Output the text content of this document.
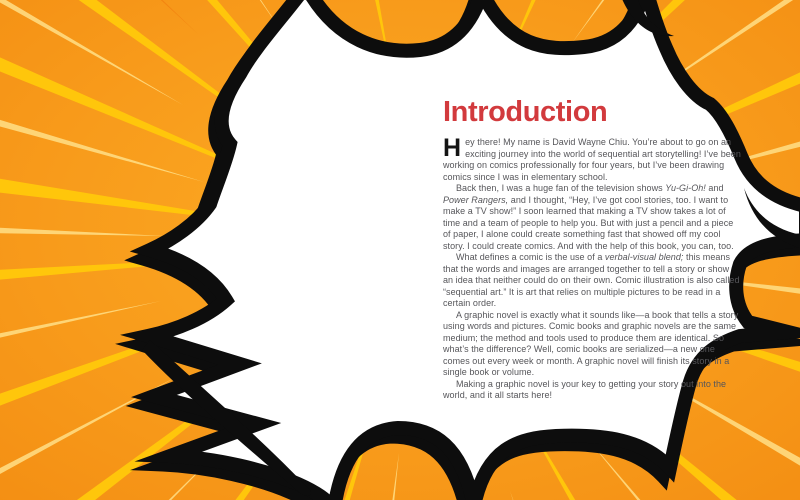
Introduction

Hey there! My name is David Wayne Chiu. You’re about to go on an exciting journey into the world of sequential art storytelling! I’ve been working on comics professionally for four years, but I’ve been drawing comics since I was in elementary school.

Back then, I was a huge fan of the television shows Yu-Gi-Oh! and Power Rangers, and I thought, “Hey, I’ve got cool stories, too. I want to make a TV show!” I soon learned that making a TV show takes a lot of time and a team of people to help you. But with just a pencil and a piece of paper, I alone could create something fast that showed off my cool story. I could create comics. And with the help of this book, you can, too.

What defines a comic is the use of a verbal-visual blend; this means that the words and images are arranged together to tell a story or show an idea that neither could do on their own. Comic illustration is also called “sequential art.” It is art that relies on multiple pictures to be read in a certain order.

A graphic novel is exactly what it sounds like—a book that tells a story using words and pictures. Comic books and graphic novels are the same medium; the method and tools used to produce them are identical. So what’s the difference? Well, comic books are serialized—a new one comes out every week or month. A graphic novel will finish its story in a single book or volume.

Making a graphic novel is your key to getting your story out into the world, and it all starts here!
